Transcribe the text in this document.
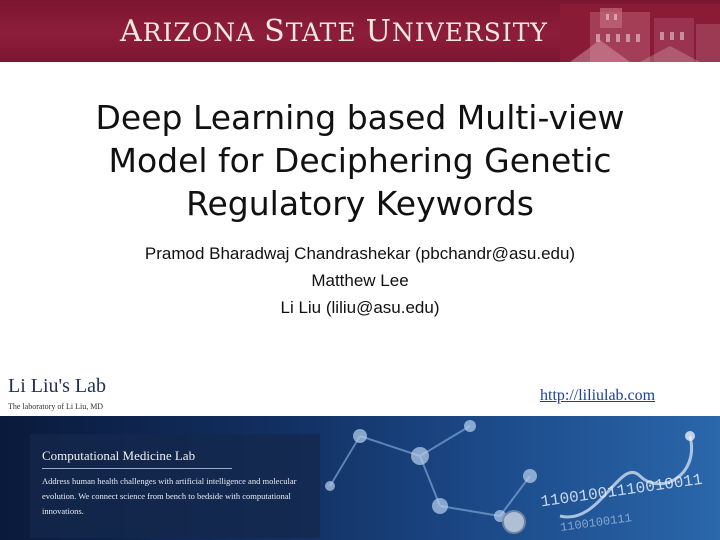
ARIZONA STATE UNIVERSITY
Deep Learning based Multi-view
Model for Deciphering Genetic
Regulatory Keywords
Pramod Bharadwaj Chandrashekar (pbchandr@asu.edu)
Matthew Lee
Li Liu (liliu@asu.edu)
Li Liu's Lab
The laboratory of Li Liu, MD
http://liliulab.com
Computational Medicine Lab
Address human health challenges with artificial intelligence and molecular evolution. We connect science from bench to bedside with computational innovations.	11001001110010011
1100100111
